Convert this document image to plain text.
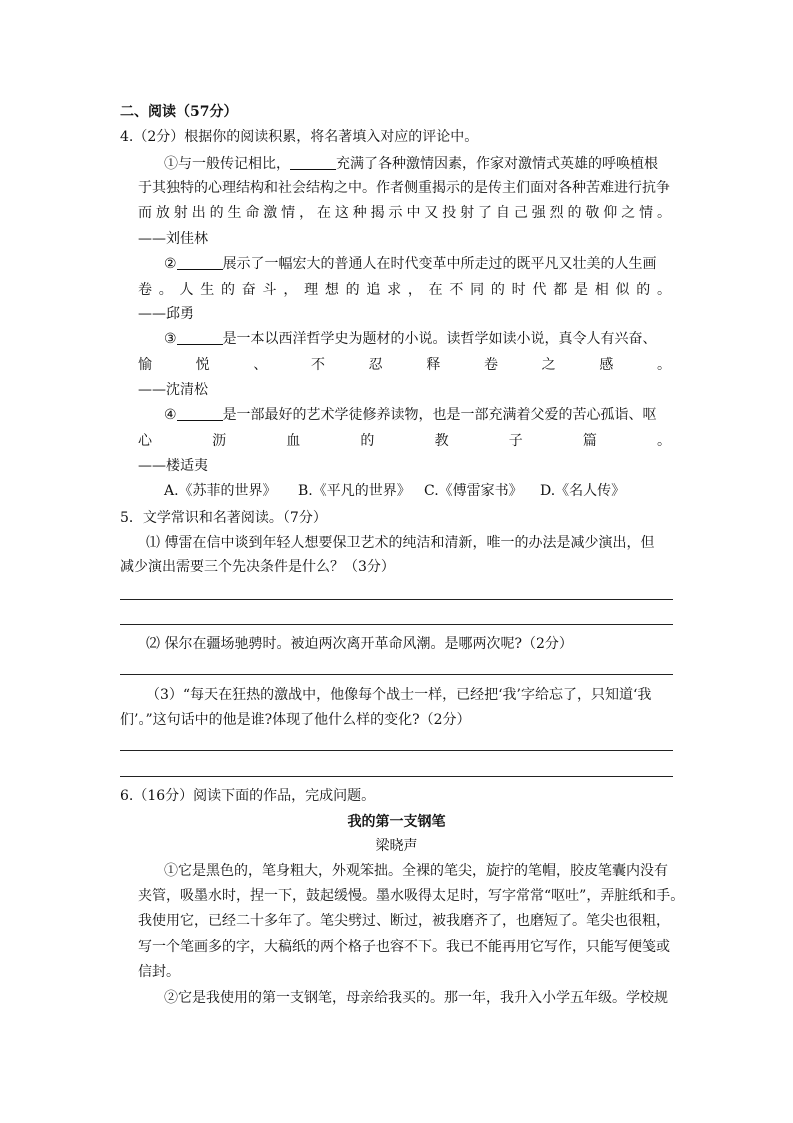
二、阅读（57分）
4.（2分）根据你的阅读积累，将名著填入对应的评论中。
①与一般传记相比，	充满了各种激情因素，作家对激情式英雄的呼唤植根
于其独特的心理结构和社会结构之中。作者侧重揭示的是传主们面对各种苦难进行抗争
而放射出的生命激情，在这种揭示中又投射了自己强烈的敬仰之情。
——刘佳林
②	展示了一幅宏大的普通人在时代变革中所走过的既平凡又壮美的人生画
卷。人生的奋斗，理想的追求，在不同的时代都是相似的。
——邱勇
③	是一本以西洋哲学史为题材的小说。读哲学如读小说，真令人有兴奋、
愉悦、不忍释卷之感。
——沈清松
④	是一部最好的艺术学徒修养读物，也是一部充满着父爱的苦心孤诣、呕
心沥血的教子篇。
——楼适夷
A.《苏菲的世界》 B.《平凡的世界》 C.《傅雷家书》 D.《名人传》
5．文学常识和名著阅读。（7分）
⑴ 傅雷在信中谈到年轻人想要保卫艺术的纯洁和清新，唯一的办法是减少演出，但
减少演出需要三个先决条件是什么？（3分）
⑵ 保尔在疆场驰骋时。被迫两次离开革命风潮。是哪两次呢?（2分）
（3）“每天在狂热的激战中，他像每个战士一样，已经把‘我’字给忘了，只知道‘我
们’。”这句话中的他是谁?体现了他什么样的变化?（2分）
6.（16分）阅读下面的作品，完成问题。
我的第一支钢笔
梁晓声
①它是黑色的，笔身粗大，外观笨拙。全裸的笔尖，旋拧的笔帽，胶皮笔囊内没有
夹管，吸墨水时，捏一下，鼓起缓慢。墨水吸得太足时，写字常常“呕吐”，弄脏纸和手。
我使用它，已经二十多年了。笔尖劈过、断过，被我磨齐了，也磨短了。笔尖也很粗，
写一个笔画多的字，大稿纸的两个格子也容不下。我已不能再用它写作，只能写便笺或
信封。
②它是我使用的第一支钢笔，母亲给我买的。那一年，我升入小学五年级。学校规
